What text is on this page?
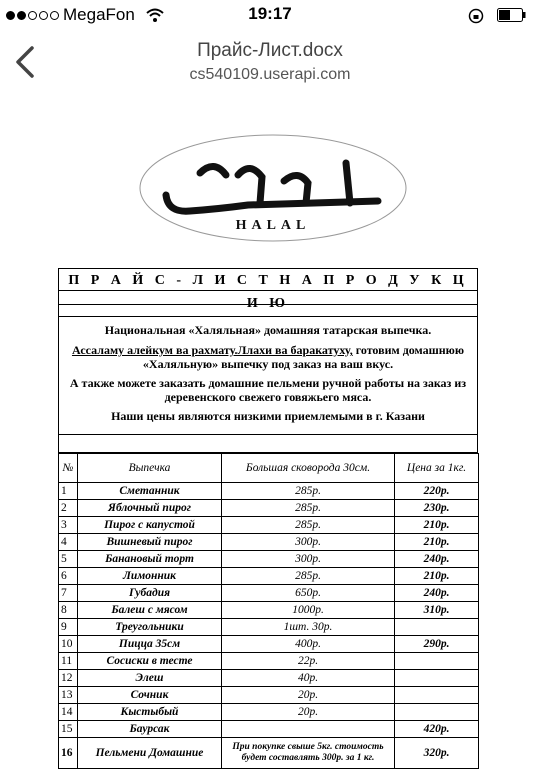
MegaFon	19:17
Прайс-Лист.docx
cs540109.userapi.com
HALAL
П Р А Й С - Л И С Т Н А П Р О Д У К Ц И Ю

Национальная «Халяльная» домашняя татарская выпечка.

Ассаламу алейкум ва рахмату.Ллахи ва баракатуху, готовим домашнюю «Халяльную» выпечку под заказ на ваш вкус.

А также можете заказать домашние пельмени ручной работы на заказ из деревенского свежего говяжьего мяса.

Наши цены являются низкими приемлемыми в г. Казани

№	Выпечка	Большая сковорода 30см.	Цена за 1кг.
1	Сметанник	285р.	220р.
2	Яблочный пирог	285р.	230р.
3	Пирог с капустой	285р.	210р.
4	Вишневый пирог	300р.	210р.
5	Банановый торт	300р.	240р.
6	Лимонник	285р.	210р.
7	Губадия	650р.	240р.
8	Балеш с мясом	1000р.	310р.
9	Треугольники	1шт. 30р.	
10	Пицца 35см	400р.	290р.
11	Сосиски в тесте	22р.	
12	Элеш	40р.	
13	Сочник	20р.	
14	Кыстыбый	20р.	
15	Баурсак		420р.
16	Пельмени Домашние	При покупке свыше 5кг. стоимость будет составлять 300р. за 1 кг.	320р.
